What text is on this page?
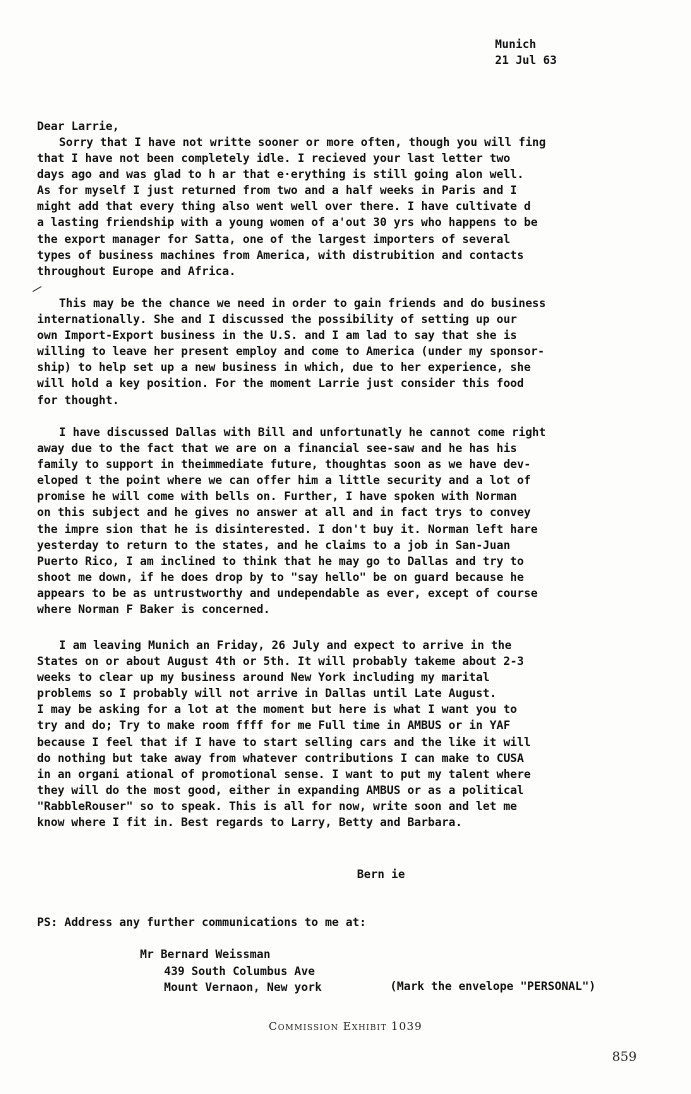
Munich
21 Jul 63
Dear Larrie,
Sorry that I have not writte sooner or more often, though you will fing
that I have not been completely idle. I recieved your last letter two
days ago and was glad to h ar that e·erything is still going alon well.
As for myself I just returned from two and a half weeks in Paris and I
might add that every thing also went well over there. I have cultivate d
a lasting friendship with a young women of a'out 30 yrs who happens to be
the export manager for Satta, one of the largest importers of several
types of business machines from America, with distrubition and contacts
throughout Europe and Africa.
This may be the chance we need in order to gain friends and do business
internationally. She and I discussed the possibility of setting up our
own Import-Export business in the U.S. and I am lad to say that she is
willing to leave her present employ and come to America (under my sponsor-
ship) to help set up a new business in which, due to her experience, she
will hold a key position. For the moment Larrie just consider this food
for thought.
I have discussed Dallas with Bill and unfortunatly he cannot come right
away due to the fact that we are on a financial see-saw and he has his
family to support in theimmediate future, thoughtas soon as we have dev-
eloped t the point where we can offer him a little security and a lot of
promise he will come with bells on. Further, I have spoken with Norman
on this subject and he gives no answer at all and in fact trys to convey
the impre sion that he is disinterested. I don't buy it. Norman left hare
yesterday to return to the states, and he claims to a job in San-Juan
Puerto Rico, I am inclined to think that he may go to Dallas and try to
shoot me down, if he does drop by to "say hello" be on guard because he
appears to be as untrustworthy and undependable as ever, except of course
where Norman F Baker is concerned.
I am leaving Munich an Friday, 26 July and expect to arrive in the
States on or about August 4th or 5th. It will probably takeme about 2-3
weeks to clear up my business around New York including my marital
problems so I probably will not arrive in Dallas until Late August.
I may be asking for a lot at the moment but here is what I want you to
try and do; Try to make room ffff for me Full time in AMBUS or in YAF
because I feel that if I have to start selling cars and the like it will
do nothing but take away from whatever contributions I can make to CUSA
in an organi ational of promotional sense. I want to put my talent where
they will do the most good, either in expanding AMBUS or as a political
"RabbleRouser" so to speak. This is all for now, write soon and let me
know where I fit in. Best regards to Larry, Betty and Barbara.
Bern ie
PS: Address any further communications to me at:
Mr Bernard Weissman
439 South Columbus Ave
Mount Vernaon, New york	(Mark the envelope "PERSONAL")
Commission Exhibit 1039
859
